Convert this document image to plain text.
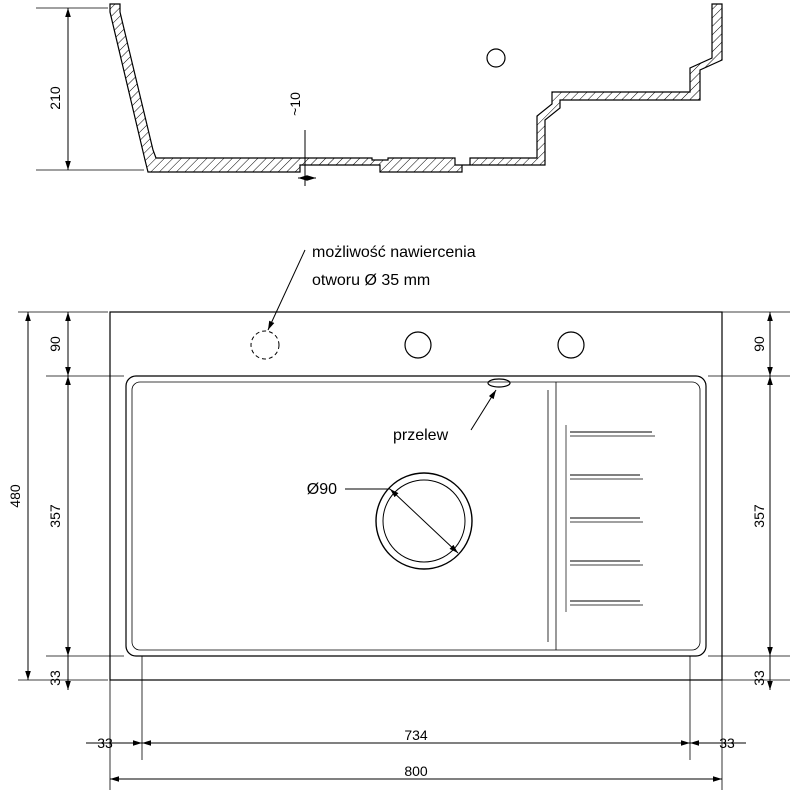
210	~10
możliwość nawiercenia
otworu Ø 35 mm
przelew
Ø90
90
357
33
480
90
357
33
33	734	33
800
